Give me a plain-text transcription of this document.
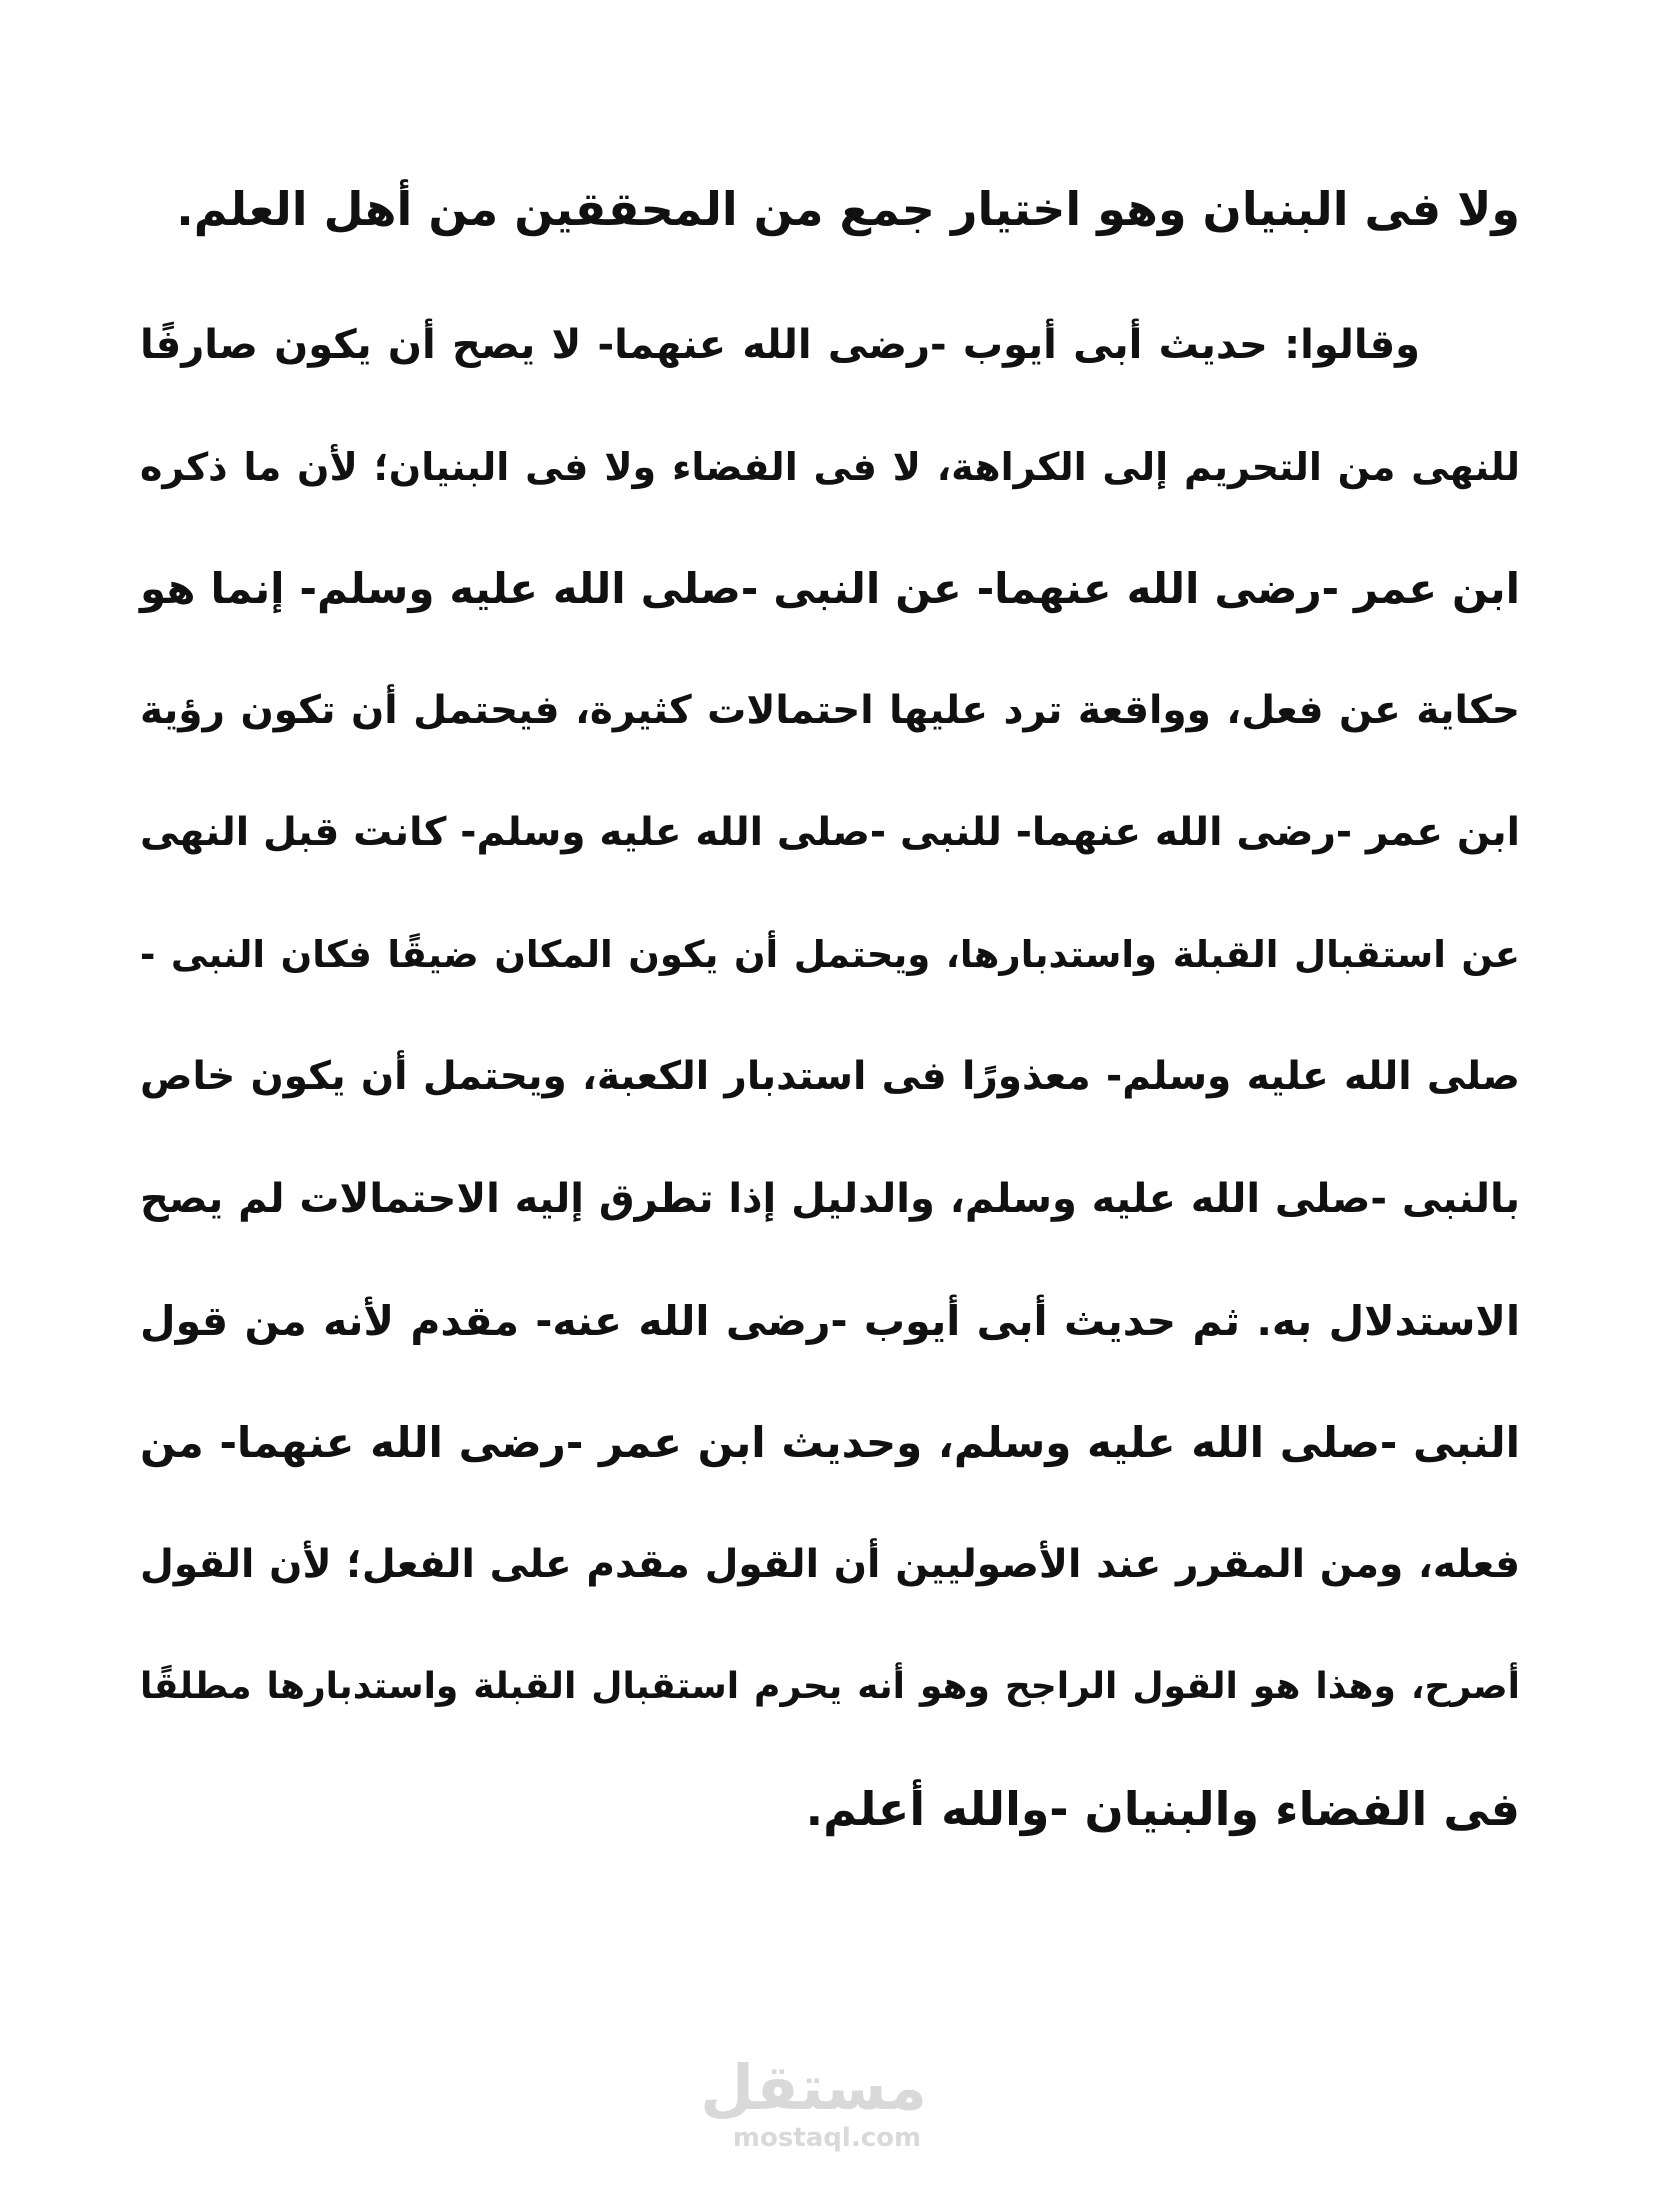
ولا فى البنيان وهو اختيار جمع من المحققين من أهل العلم.
وقالوا: حديث أبى أيوب -رضى الله عنهما- لا يصح أن يكون صارفًا
للنهى من التحريم إلى الكراهة، لا فى الفضاء ولا فى البنيان؛ لأن ما ذكره
ابن عمر -رضى الله عنهما- عن النبى -صلى الله عليه وسلم- إنما هو
حكاية عن فعل، وواقعة ترد عليها احتمالات كثيرة، فيحتمل أن تكون رؤية
ابن عمر -رضى الله عنهما- للنبى -صلى الله عليه وسلم- كانت قبل النهى
عن استقبال القبلة واستدبارها، ويحتمل أن يكون المكان ضيقًا فكان النبى -
صلى الله عليه وسلم- معذورًا فى استدبار الكعبة، ويحتمل أن يكون خاص
بالنبى -صلى الله عليه وسلم، والدليل إذا تطرق إليه الاحتمالات لم يصح
الاستدلال به. ثم حديث أبى أيوب -رضى الله عنه- مقدم لأنه من قول
النبى -صلى الله عليه وسلم، وحديث ابن عمر -رضى الله عنهما- من
فعله، ومن المقرر عند الأصوليين أن القول مقدم على الفعل؛ لأن القول
أصرح، وهذا هو القول الراجح وهو أنه يحرم استقبال القبلة واستدبارها مطلقًا
فى الفضاء والبنيان -والله أعلم.
مستقل
mostaql.com
